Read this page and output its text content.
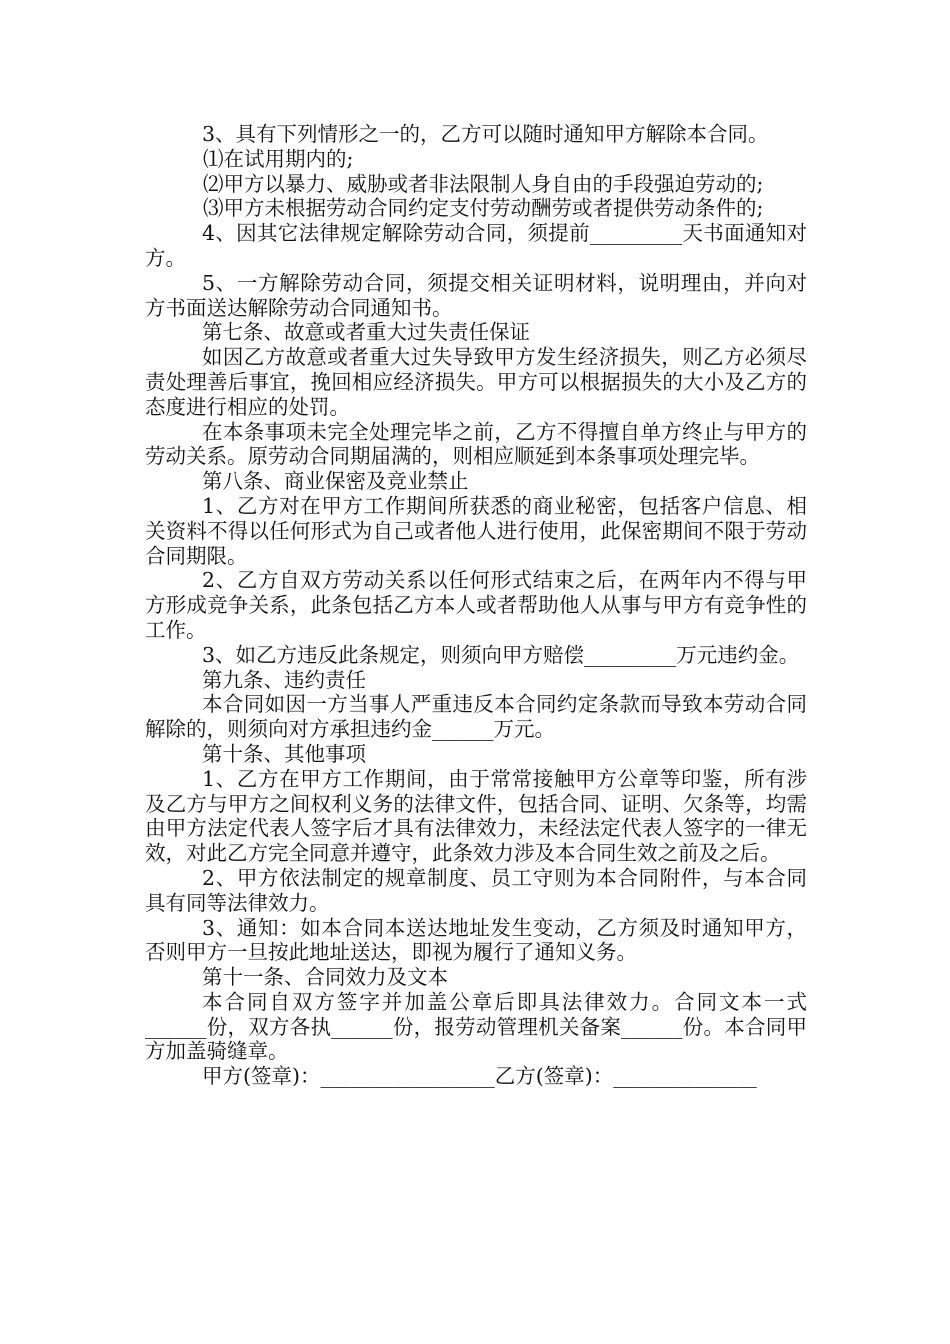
3、具有下列情形之一的，乙方可以随时通知甲方解除本合同。

⑴在试用期内的;

⑵甲方以暴力、威胁或者非法限制人身自由的手段强迫劳动的;

⑶甲方未根据劳动合同约定支付劳动酬劳或者提供劳动条件的;

4、因其它法律规定解除劳动合同，须提前_________天书面通知对方。

5、一方解除劳动合同，须提交相关证明材料，说明理由，并向对方书面送达解除劳动合同通知书。

第七条、故意或者重大过失责任保证

如因乙方故意或者重大过失导致甲方发生经济损失，则乙方必须尽责处理善后事宜，挽回相应经济损失。甲方可以根据损失的大小及乙方的态度进行相应的处罚。

在本条事项未完全处理完毕之前，乙方不得擅自单方终止与甲方的劳动关系。原劳动合同期届满的，则相应顺延到本条事项处理完毕。

第八条、商业保密及竞业禁止

1、乙方对在甲方工作期间所获悉的商业秘密，包括客户信息、相关资料不得以任何形式为自己或者他人进行使用，此保密期间不限于劳动合同期限。

2、乙方自双方劳动关系以任何形式结束之后，在两年内不得与甲方形成竞争关系，此条包括乙方本人或者帮助他人从事与甲方有竞争性的工作。

3、如乙方违反此条规定，则须向甲方赔偿_________万元违约金。

第九条、违约责任

本合同如因一方当事人严重违反本合同约定条款而导致本劳动合同解除的，则须向对方承担违约金______万元。

第十条、其他事项

1、乙方在甲方工作期间，由于常常接触甲方公章等印鉴，所有涉及乙方与甲方之间权利义务的法律文件，包括合同、证明、欠条等，均需由甲方法定代表人签字后才具有法律效力，未经法定代表人签字的一律无效，对此乙方完全同意并遵守，此条效力涉及本合同生效之前及之后。

2、甲方依法制定的规章制度、员工守则为本合同附件，与本合同具有同等法律效力。

3、通知：如本合同本送达地址发生变动，乙方须及时通知甲方，否则甲方一旦按此地址送达，即视为履行了通知义务。

第十一条、合同效力及文本

本合同自双方签字并加盖公章后即具法律效力。合同文本一式______份，双方各执______份，报劳动管理机关备案______份。本合同甲方加盖骑缝章。

甲方(签章)：_________________乙方(签章)：______________
